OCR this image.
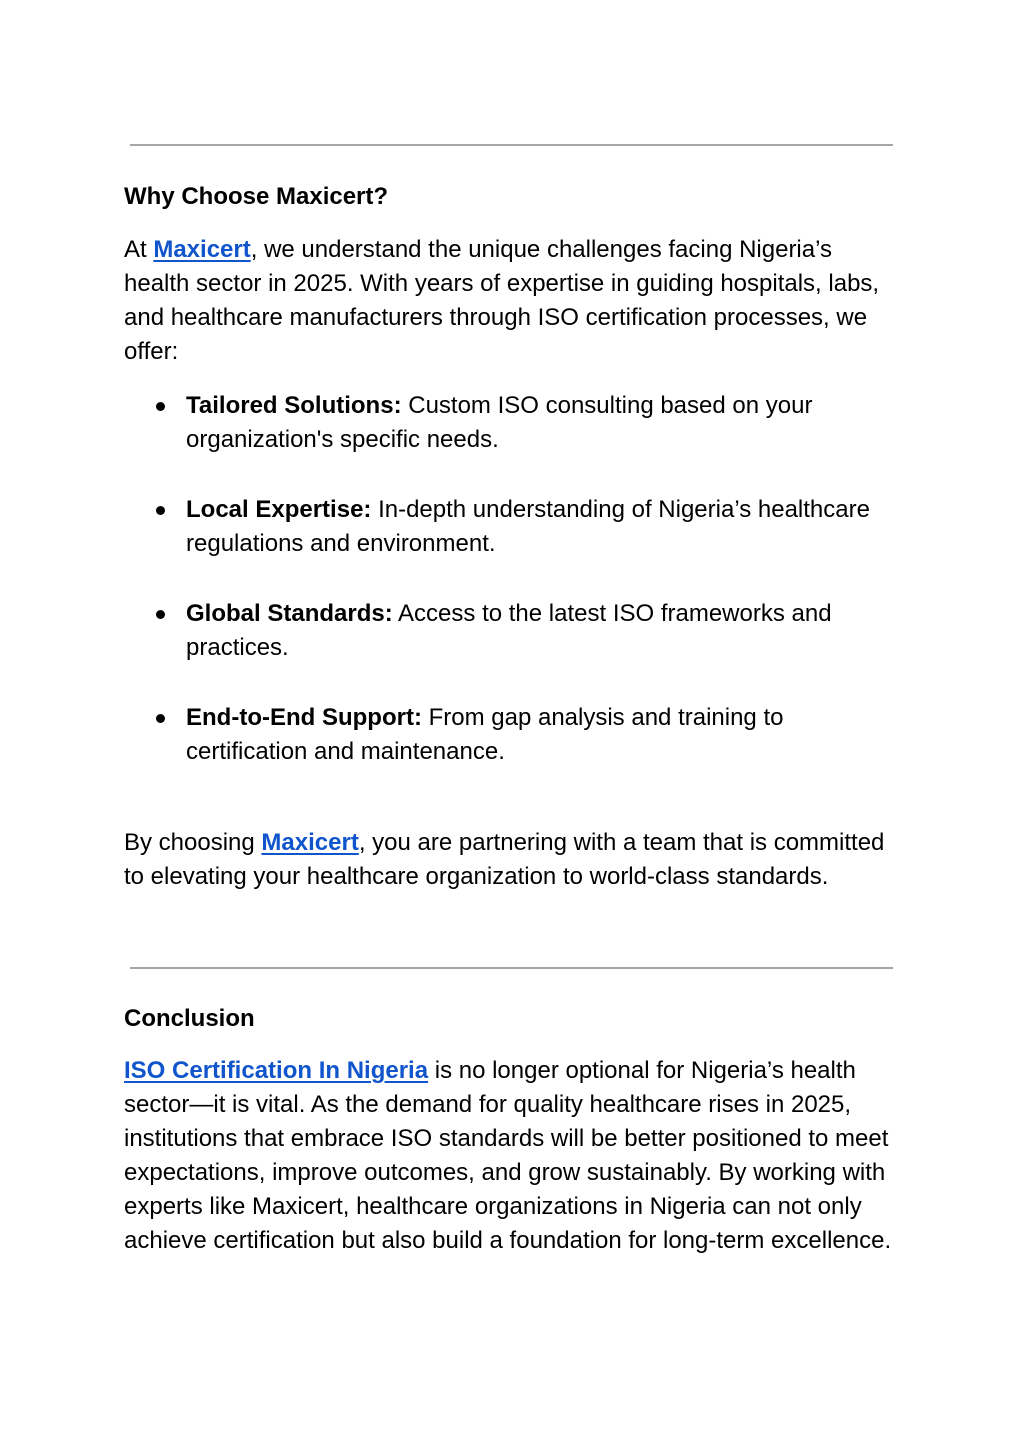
Why Choose Maxicert?
At Maxicert, we understand the unique challenges facing Nigeria’s health sector in 2025. With years of expertise in guiding hospitals, labs, and healthcare manufacturers through ISO certification processes, we offer:
Tailored Solutions: Custom ISO consulting based on your organization's specific needs.
Local Expertise: In-depth understanding of Nigeria’s healthcare regulations and environment.
Global Standards: Access to the latest ISO frameworks and practices.
End-to-End Support: From gap analysis and training to certification and maintenance.
By choosing Maxicert, you are partnering with a team that is committed to elevating your healthcare organization to world-class standards.
Conclusion
ISO Certification In Nigeria is no longer optional for Nigeria’s health sector—it is vital. As the demand for quality healthcare rises in 2025, institutions that embrace ISO standards will be better positioned to meet expectations, improve outcomes, and grow sustainably. By working with experts like Maxicert, healthcare organizations in Nigeria can not only achieve certification but also build a foundation for long-term excellence.
